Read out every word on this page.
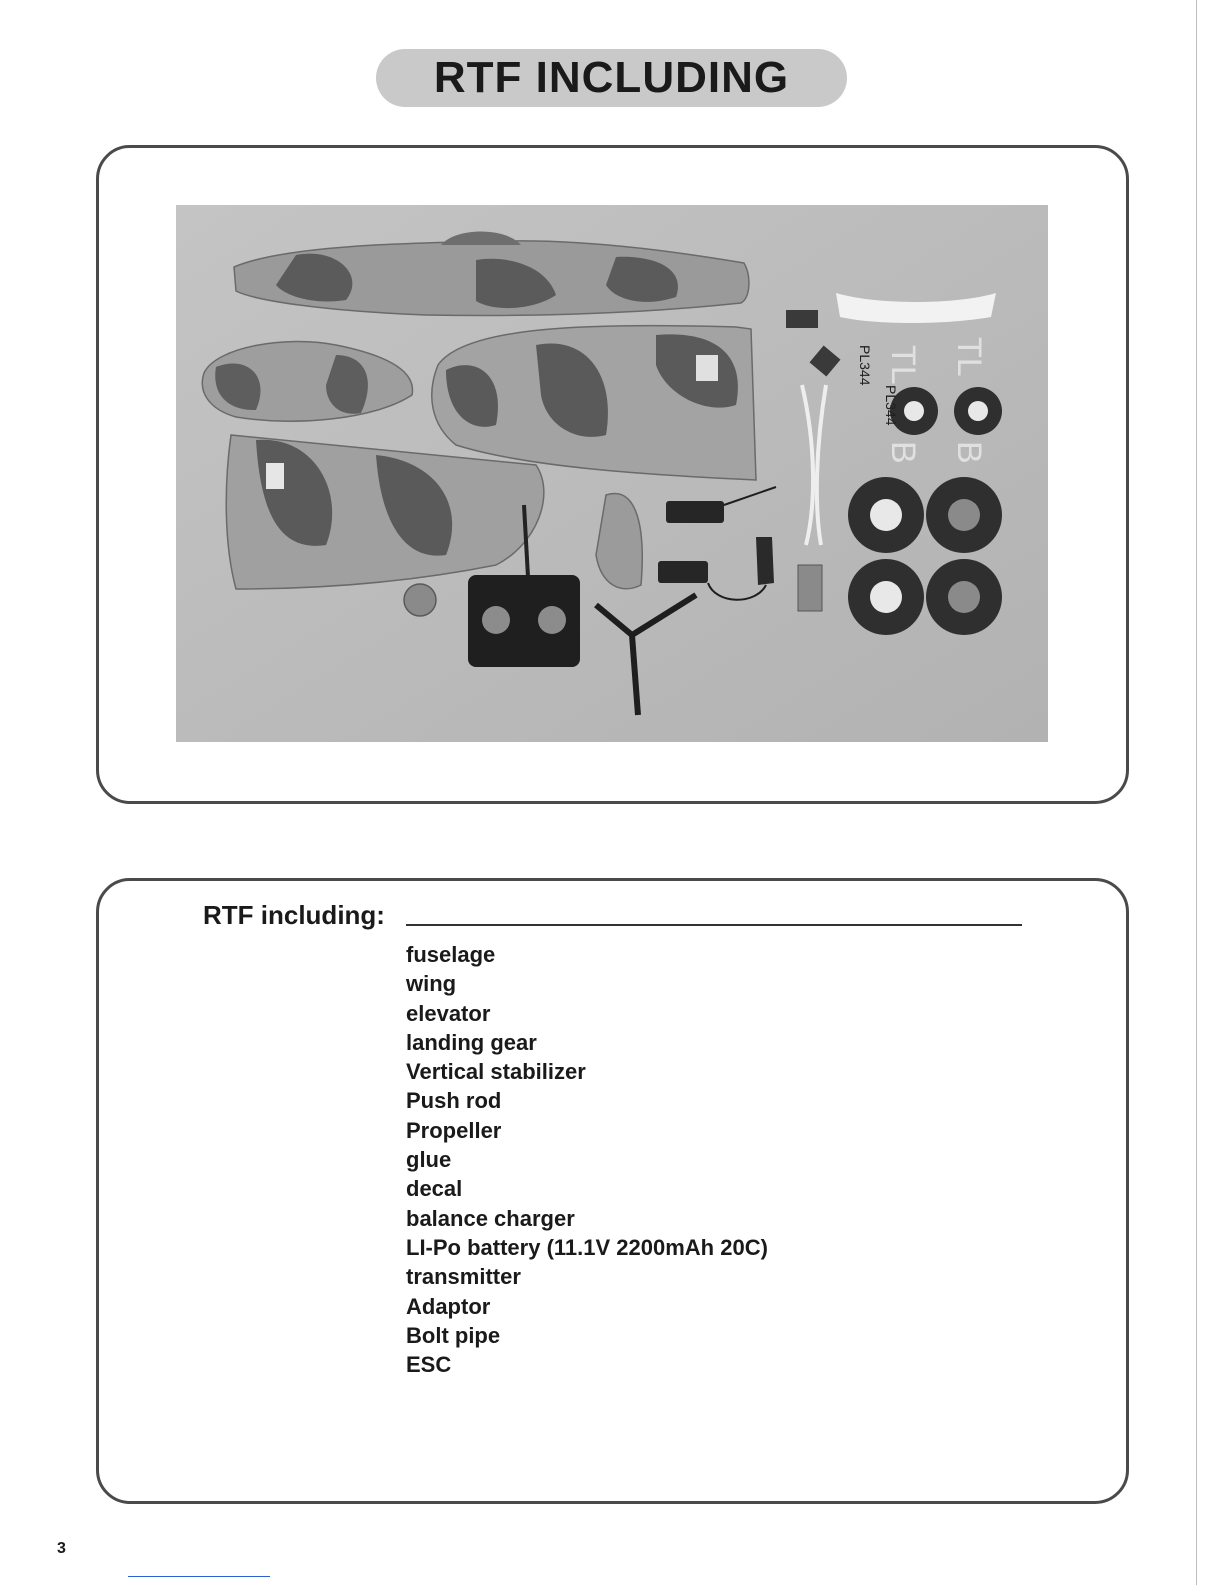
RTF INCLUDING
PL344
PL344
TL TL
B B
RTF including:
fuselage
wing
elevator
landing gear
Vertical stabilizer
Push rod
Propeller
glue
decal
balance charger
LI-Po battery (11.1V 2200mAh 20C)
transmitter
Adaptor
Bolt pipe
ESC
3
